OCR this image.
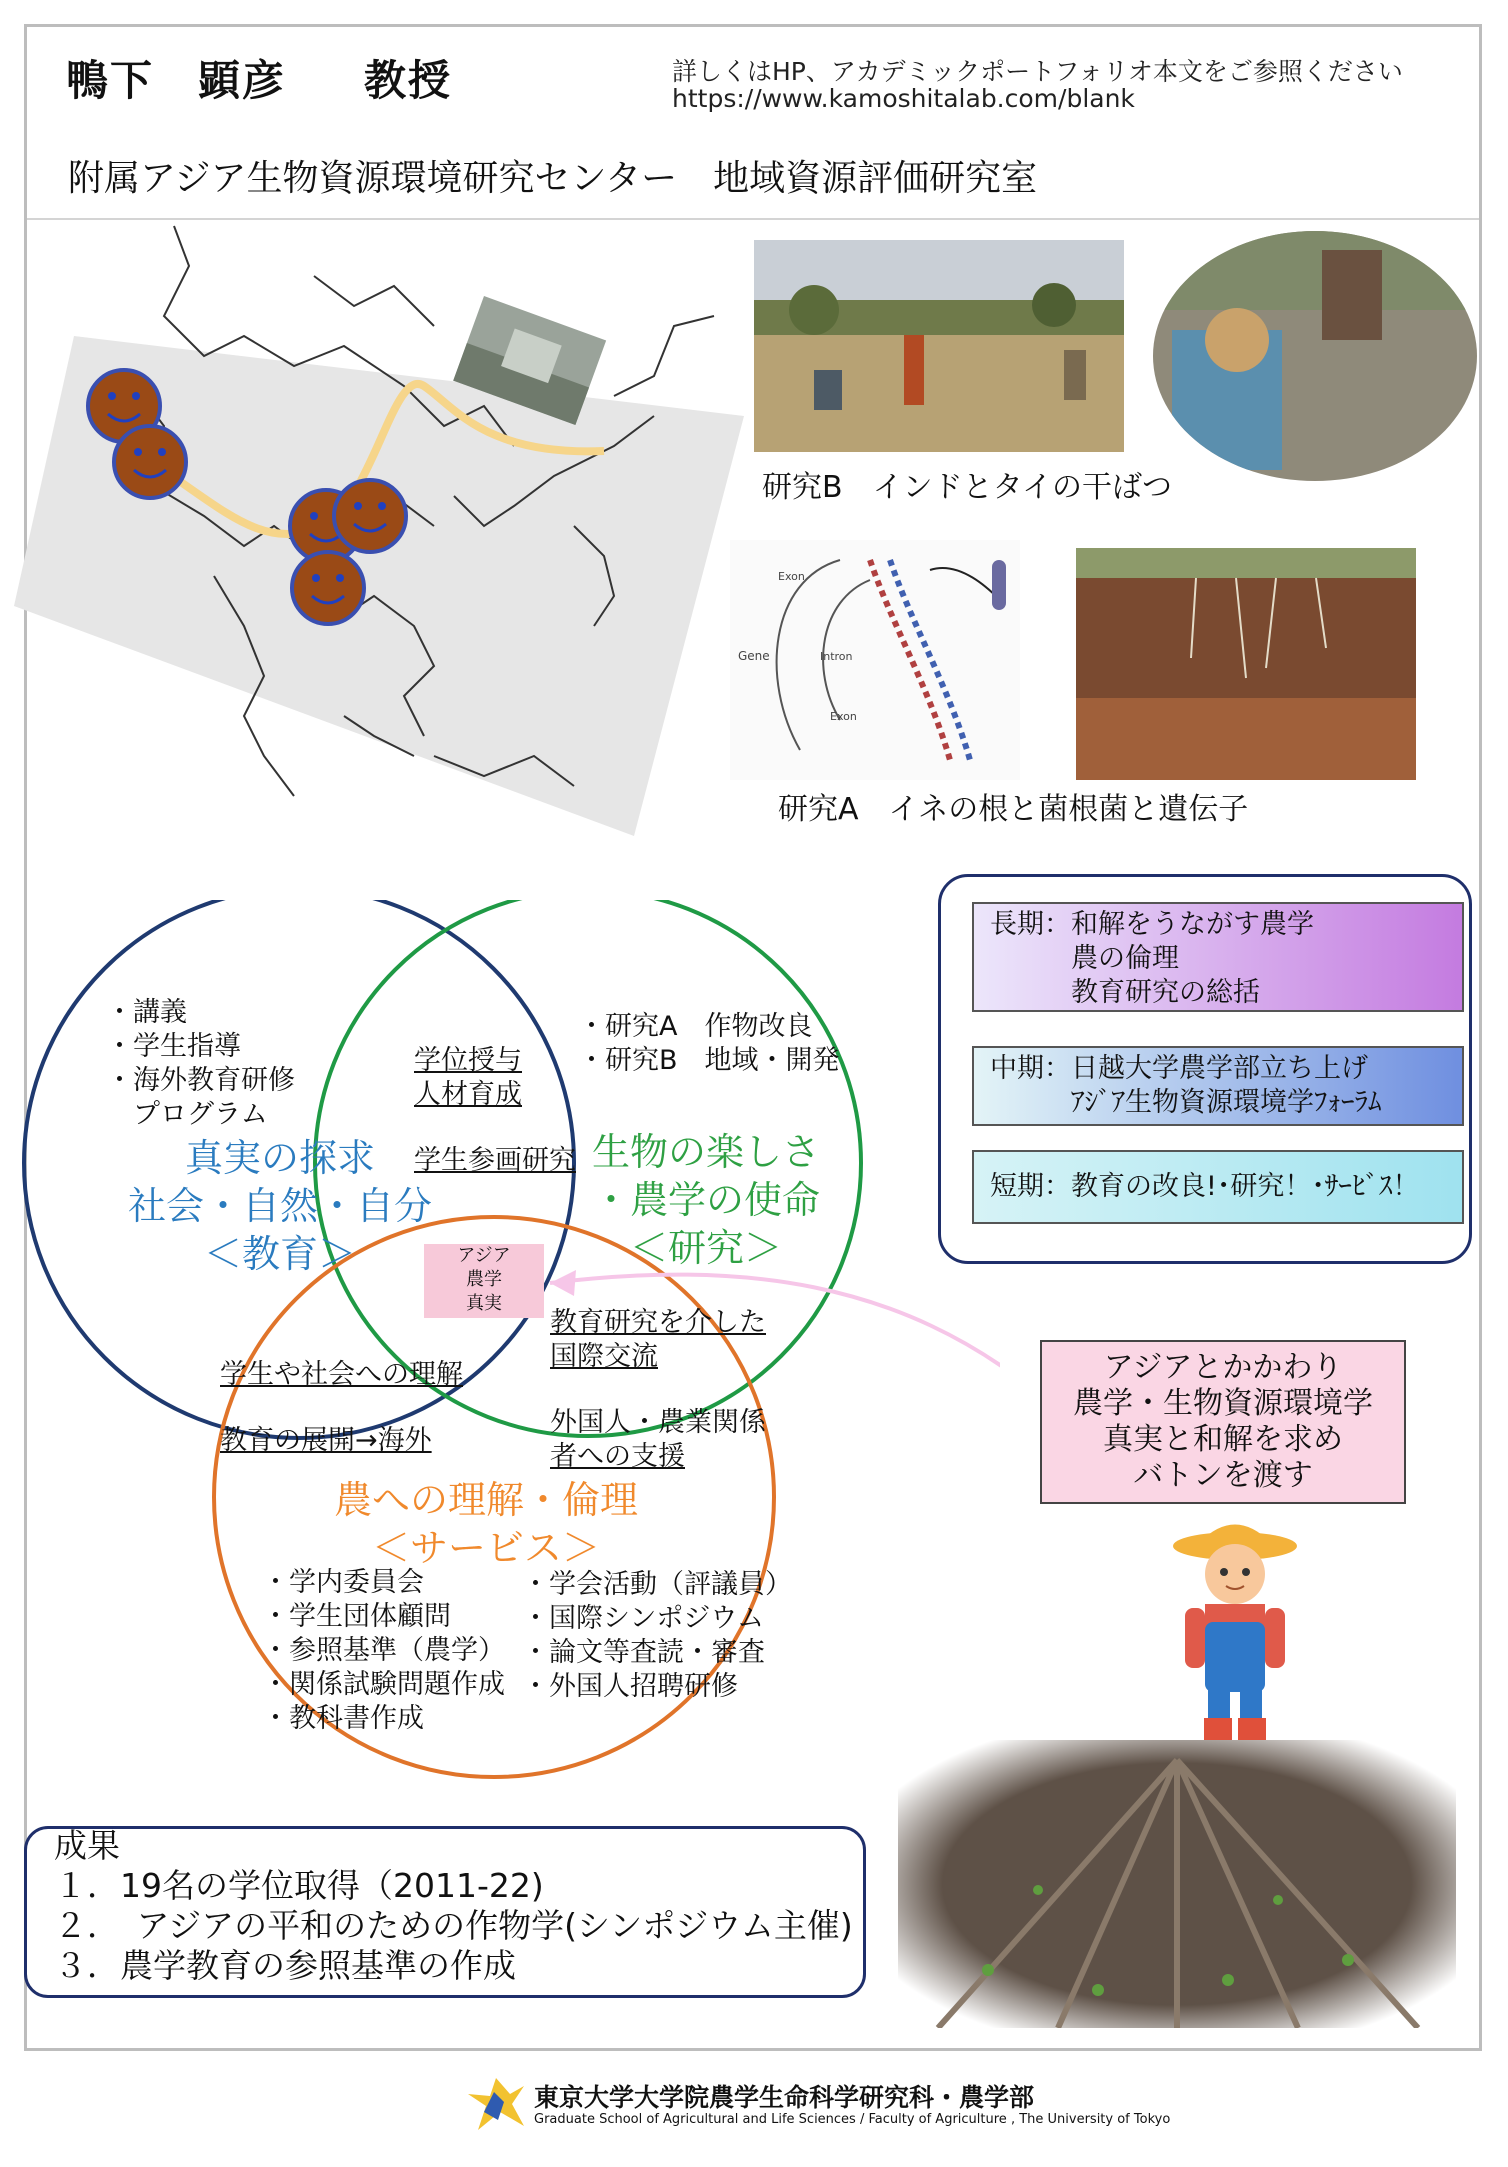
鴨下　顕彦 教授	詳しくはHP、アカデミックポートフォリオ本文をご参照ください
https://www.kamoshitalab.com/blank
附属アジア生物資源環境研究センター　地域資源評価研究室
研究B　インドとタイの干ばつ
Gene
Exon
Intron
Exon
研究A　イネの根と菌根菌と遺伝子
・講義
・学生指導
・海外教育研修
　プログラム
真実の探求
社会・自然・自分
＜教育＞
・研究A　作物改良
・研究B　地域・開発
生物の楽しさ
・農学の使命
＜研究＞
学位授与
人材育成
学生参画研究
アジア
農学
真実
学生や社会への理解
教育の展開→海外
教育研究を介した
国際交流
外国人・農業関係
者への支援
農への理解・倫理
＜サービス＞
・学内委員会
・学生団体顧問
・参照基準（農学）
・関係試験問題作成
・教科書作成
・学会活動（評議員）
・国際シンポジウム
・論文等査読・審査
・外国人招聘研修
長期：和解をうながす農学
　　　農の倫理
　　　教育研究の総括
中期：日越大学農学部立ち上げ
　　　ｱｼﾞｱ生物資源環境学ﾌｫｰﾗﾑ
短期：教育の改良!･研究！･ｻｰﾋﾞｽ！
アジアとかかわり
農学・生物資源環境学
真実と和解を求め
バトンを渡す
成果
１．19名の学位取得（2011-22)
２．　アジアの平和のための作物学(シンポジウム主催)
３．農学教育の参照基準の作成
東京大学大学院農学生命科学研究科・農学部
Graduate School of Agricultural and Life Sciences / Faculty of Agriculture , The University of Tokyo
